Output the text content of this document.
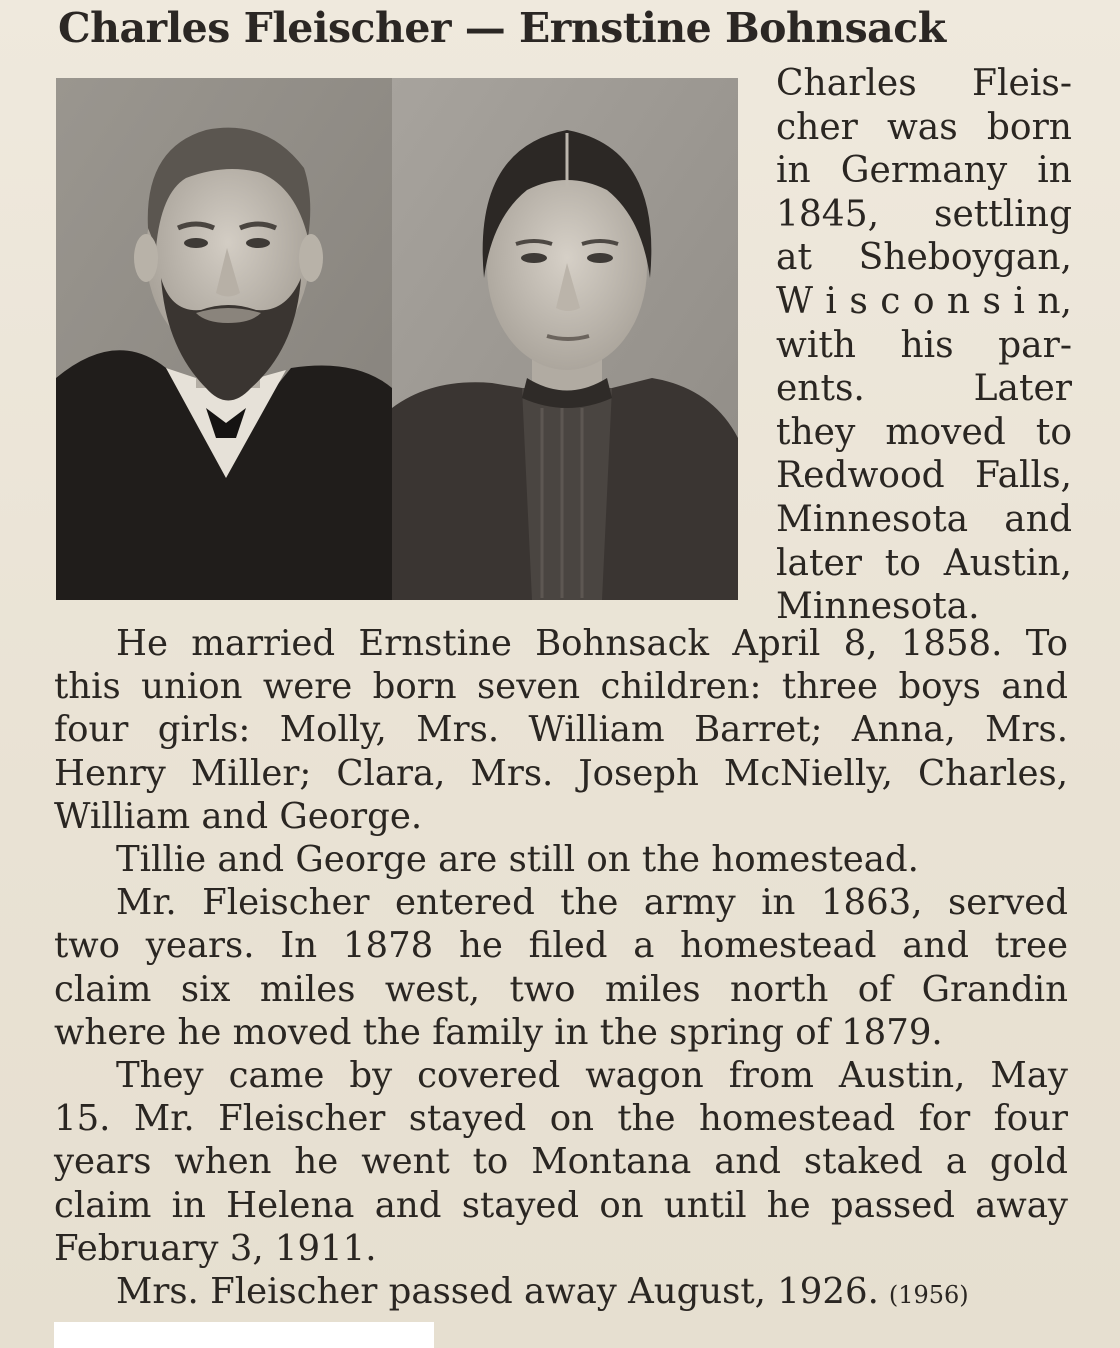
Charles Fleischer — Ernstine Bohnsack
Charles Fleis-
cher was born
in Germany in
1845, settling
at Sheboygan,
W i s c o n s i n,
with his par-
ents. Later
they moved to
Redwood Falls,
Minnesota and
later to Austin,
Minnesota.
He married Ernstine Bohnsack April 8, 1858. To
this union were born seven children: three boys and
four girls: Molly, Mrs. William Barret; Anna, Mrs.
Henry Miller; Clara, Mrs. Joseph McNielly, Charles,
William and George.
Tillie and George are still on the homestead.
Mr. Fleischer entered the army in 1863, served
two years. In 1878 he filed a homestead and tree
claim six miles west, two miles north of Grandin
where he moved the family in the spring of 1879.
They came by covered wagon from Austin, May
15. Mr. Fleischer stayed on the homestead for four
years when he went to Montana and staked a gold
claim in Helena and stayed on until he passed away
February 3, 1911.
Mrs. Fleischer passed away August, 1926. (1956)
